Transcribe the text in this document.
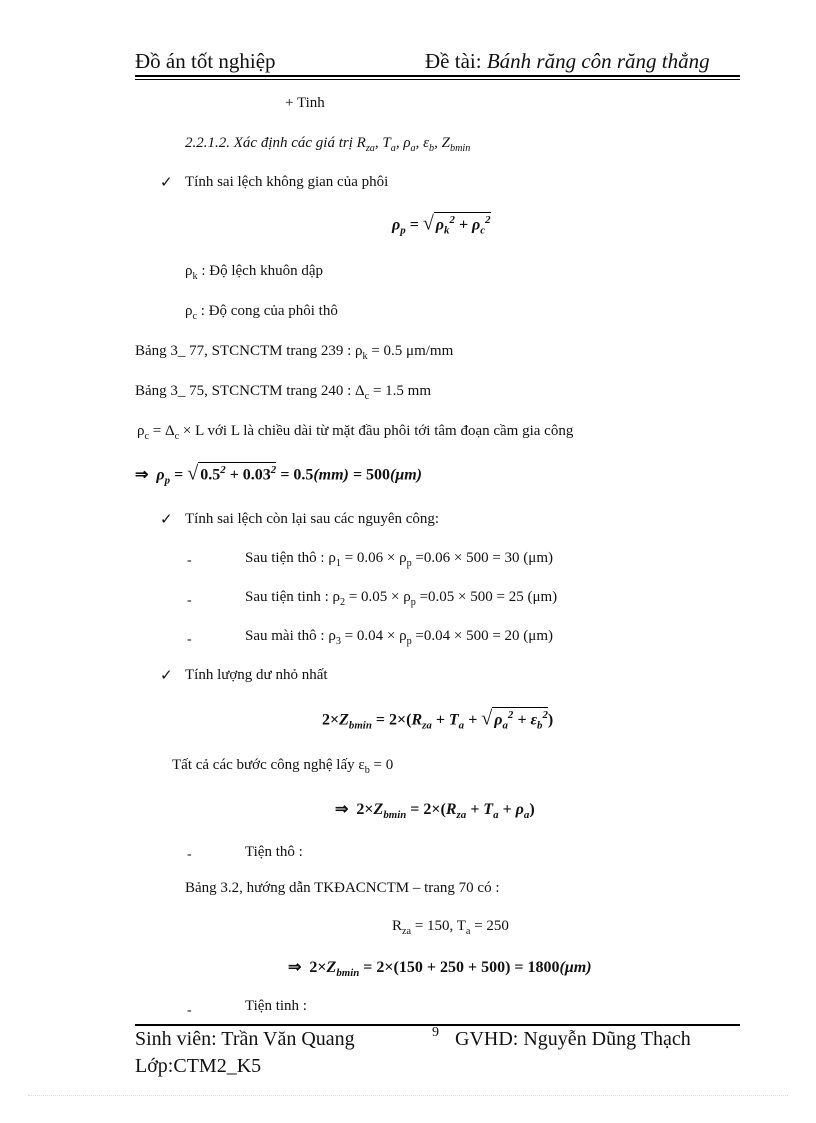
Đồ án tốt nghiệp	Đề tài: Bánh răng côn răng thẳng
+ Tinh
2.2.1.2. Xác định các giá trị $R_{za}$, $T_a$, $\rho_a$, $\varepsilon_b$, $Z_{bmin}$
✓ Tính sai lệch không gian của phôi
$\rho_p$ = √ $\rho_k^2 + \rho_c^2$
$\rho_k$ : Độ lệch khuôn dập
$\rho_c$ : Độ cong của phôi thô
Bảng 3_ 77, STCNCTM trang 239 : $\rho_k = 0.5$ μm/mm
Bảng 3_ 75, STCNCTM trang 240 : $\Delta_c = 1.5$ mm
$\rho_c = \Delta_c \times L$ với L là chiều dài từ mặt đầu phôi tới tâm đoạn cầm gia công
⇒  $\rho_p$ = √ $0.5^2 + 0.03^2 = 0.5(mm) = 500(\mu m)$
✓ Tính sai lệch còn lại sau các nguyên công:
-	Sau tiện thô : $\rho_1 = 0.06 \times \rho_p =0.06 \times 500 = 30$ (μm)
-	Sau tiện tinh : $\rho_2 = 0.05 \times \rho_p =0.05 \times 500 = 25$ (μm)
-	Sau mài thô : $\rho_3 = 0.04 \times \rho_p =0.04 \times 500 = 20$ (μm)
✓ Tính lượng dư nhỏ nhất
$2\times Z_{bmin} = 2\times(R_{za} + T_a$ + √ $\rho_a^2 + \varepsilon_b^2$)
Tất cả các bước công nghệ lấy $\varepsilon_b = 0$
⇒ $2\times Z_{bmin} = 2\times(R_{za} + T_a + \rho_a)$
-	Tiện thô :
Bảng 3.2, hướng dẫn TKĐACNCTM – trang 70 có :
$R_{za} = 150$, $T_a = 250$
⇒ $2\times Z_{bmin} = 2\times(150 + 250 + 500) = 1800(\mu m)$
-	Tiện tinh :
Sinh viên: Trần Văn Quang	9 GVHD: Nguyễn Dũng Thạch
Lớp:CTM2_K5
